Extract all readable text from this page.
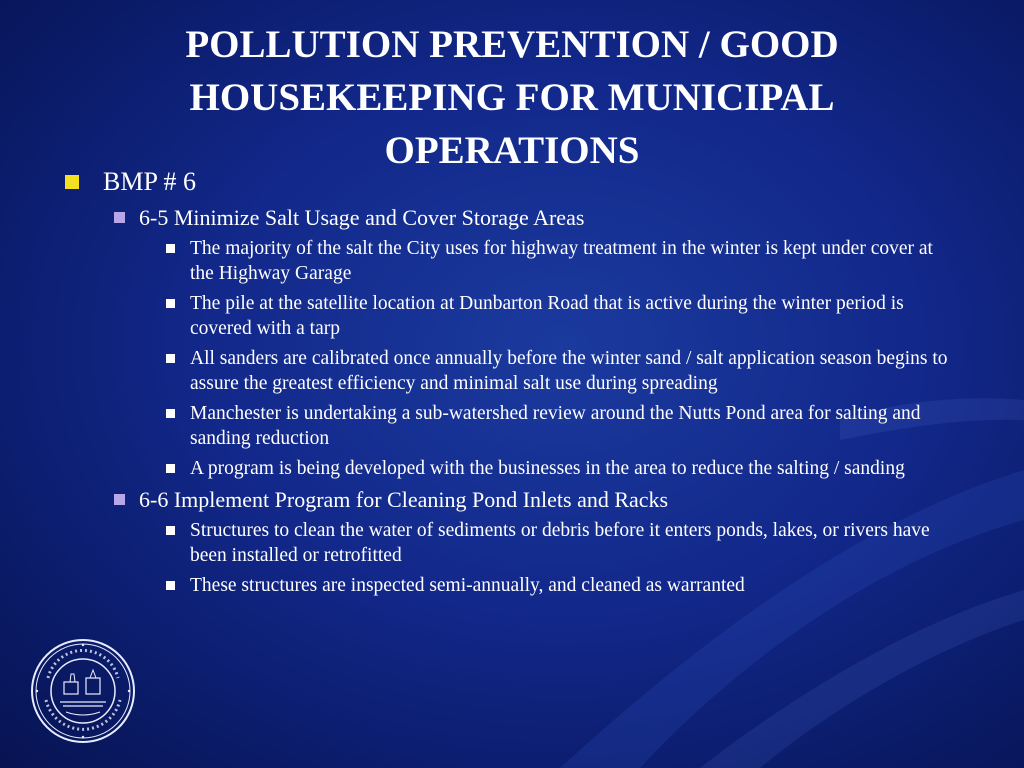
POLLUTION PREVENTION / GOOD HOUSEKEEPING FOR MUNICIPAL OPERATIONS
BMP # 6
6-5 Minimize Salt Usage and Cover Storage Areas
The majority of the salt the City uses for highway treatment in the winter is kept under cover at the Highway Garage
The pile at the satellite location at Dunbarton Road that is active during the winter period is covered with a tarp
All sanders are calibrated once annually before the winter sand / salt application season begins to assure the greatest efficiency and minimal salt use during spreading
Manchester is undertaking a sub-watershed review around the Nutts Pond area for salting and sanding reduction
A program is being developed with the businesses in the area to reduce the salting / sanding
6-6 Implement Program for Cleaning Pond Inlets and Racks
Structures to clean the water of sediments or debris before it enters ponds, lakes, or rivers have been installed or retrofitted
These structures are inspected semi-annually, and cleaned as warranted
